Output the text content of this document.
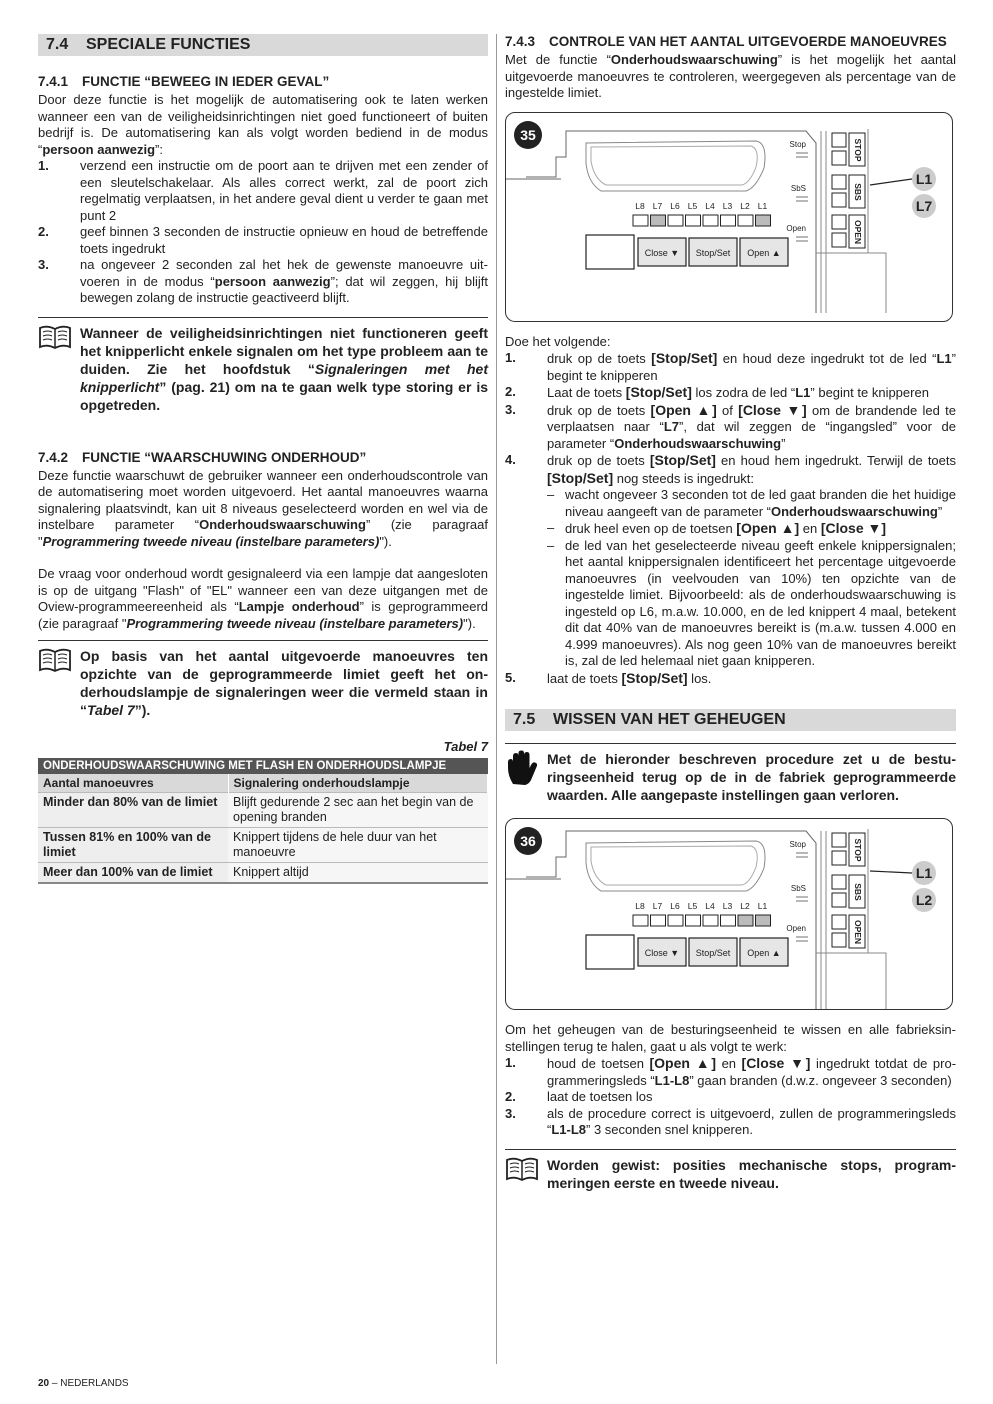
7.4 SPECIALE FUNCTIES
7.4.1 FUNCTIE “BEWEEG IN IEDER GEVAL”

Door deze functie is het mogelijk de automatisering ook te laten werken wanneer een van de veiligheidsinrichtingen niet goed functioneert of buiten bedrijf is. De automatisering kan als volgt worden bediend in de modus “persoon aanwezig”:

1.	verzend een instructie om de poort aan te drijven met een zender of een sleutelschakelaar. Als alles correct werkt, zal de poort zich regelmatig verplaatsen, in het andere geval dient u verder te gaan met punt 2
2.	geef binnen 3 seconden de instructie opnieuw en houd de betreffende toets ingedrukt
3.	na ongeveer 2 seconden zal het hek de gewenste manoeuvre uitvoeren in de modus “persoon aanwezig”; dat wil zeggen, hij blijft bewegen zolang de instructie geactiveerd blijft.
Wanneer de veiligheidsinrichtingen niet functioneren geeft het knipperlicht enkele signalen om het type probleem aan te duiden. Zie het hoofdstuk “Signaleringen met het knipperlicht” (pag. 21) om na te gaan welk type storing er is opgetreden.
7.4.2 FUNCTIE “WAARSCHUWING ONDERHOUD”

Deze functie waarschuwt de gebruiker wanneer een onderhoudscontrole van de automatisering moet worden uitgevoerd. Het aantal manoeuvres waarna signalering plaatsvindt, kan uit 8 niveaus geselecteerd worden en wel via de instelbare parameter “Onderhoudswaarschuwing” (zie paragraaf "Programmering tweede niveau (instelbare parameters)").

De vraag voor onderhoud wordt gesignaleerd via een lampje dat aangesloten is op de uitgang "Flash" of "EL" wanneer een van deze uitgangen met de Oview-programmeereenheid als “Lampje onderhoud” is geprogrammeerd (zie paragraaf "Programmering tweede niveau (instelbare parameters)").

Op basis van het aantal uitgevoerde manoeuvres ten opzichte van de geprogrammeerde limiet geeft het onderhoudslampje de signaleringen weer die vermeld staan in “Tabel 7”).
Tabel 7
ONDERHOUDSWAARSCHUWING MET FLASH EN ONDERHOUDSLAMPJE	
Aantal manoeuvres	Signalering onderhoudslampje
Minder dan 80% van de limiet	Blijft gedurende 2 sec aan het begin van de opening branden
Tussen 81% en 100% van de limiet	Knippert tijdens de hele duur van het manoeuvre
Meer dan 100% van de limiet	Knippert altijd
7.4.3	CONTROLE VAN HET AANTAL UITGEVOERDE MANOEUVRES

Met de functie “Onderhoudswaarschuwing” is het mogelijk het aantal uitgevoerde manoeuvres te controleren, weergegeven als percentage van de ingestelde limiet.

35
L8 L7 L6 L5 L4 L3 L2 L1
Close ▼ Stop/Set Open ▲
Stop
SbS
Open
STOP
SBS
OPEN
L1
L7

Doe het volgende:

1.	druk op de toets [Stop/Set] en houd deze ingedrukt tot de led “L1” begint te knipperen
2.	Laat de toets [Stop/Set] los zodra de led “L1” begint te knipperen
3.	druk op de toets [Open ▲] of [Close ▼] om de brandende led te verplaatsen naar “L7”, dat wil zeggen de “ingangsled” voor de parameter “Onderhoudswaarschuwing”
4.	druk op de toets [Stop/Set] en houd hem ingedrukt. Terwijl de toets [Stop/Set] nog steeds is ingedrukt:
– wacht ongeveer 3 seconden tot de led gaat branden die het huidige niveau aangeeft van de parameter “Onderhoudswaarschuwing”
– druk heel even op de toetsen [Open ▲] en [Close ▼]
– de led van het geselecteerde niveau geeft enkele knippersignalen; het aantal knippersignalen identificeert het percentage uitgevoerde manoeuvres (in veelvouden van 10%) ten opzichte van de ingestelde limiet. Bijvoorbeeld: als de onderhoudswaarschuwing is ingesteld op L6, m.a.w. 10.000, en de led knippert 4 maal, betekent dit dat 40% van de manoeuvres bereikt is (m.a.w. tussen 4.000 en 4.999 manoeuvres). Als nog geen 10% van de manoeuvres bereikt is, zal de led helemaal niet gaan knipperen.
5.	laat de toets [Stop/Set] los.
7.5 WISSEN VAN HET GEHEUGEN
Met de hieronder beschreven procedure zet u de besturingseenheid terug op de in de fabriek geprogrammeerde waarden. Alle aangepaste instellingen gaan verloren.
36
L8 L7 L6 L5 L4 L3 L2 L1
Close ▼ Stop/Set Open ▲
Stop
SbS
Open
STOP
SBS
OPEN
L1
L2

Om het geheugen van de besturingseenheid te wissen en alle fabrieksinstellingen terug te halen, gaat u als volgt te werk:

1.	houd de toetsen [Open ▲] en [Close ▼] ingedrukt totdat de programmeringsleds “L1-L8” gaan branden (d.w.z. ongeveer 3 seconden)
2.	laat de toetsen los
3.	als de procedure correct is uitgevoerd, zullen de programmeringsleds “L1-L8” 3 seconden snel knipperen.
Worden gewist: posities mechanische stops, programmeringen eerste en tweede niveau.
20 – NEDERLANDS
